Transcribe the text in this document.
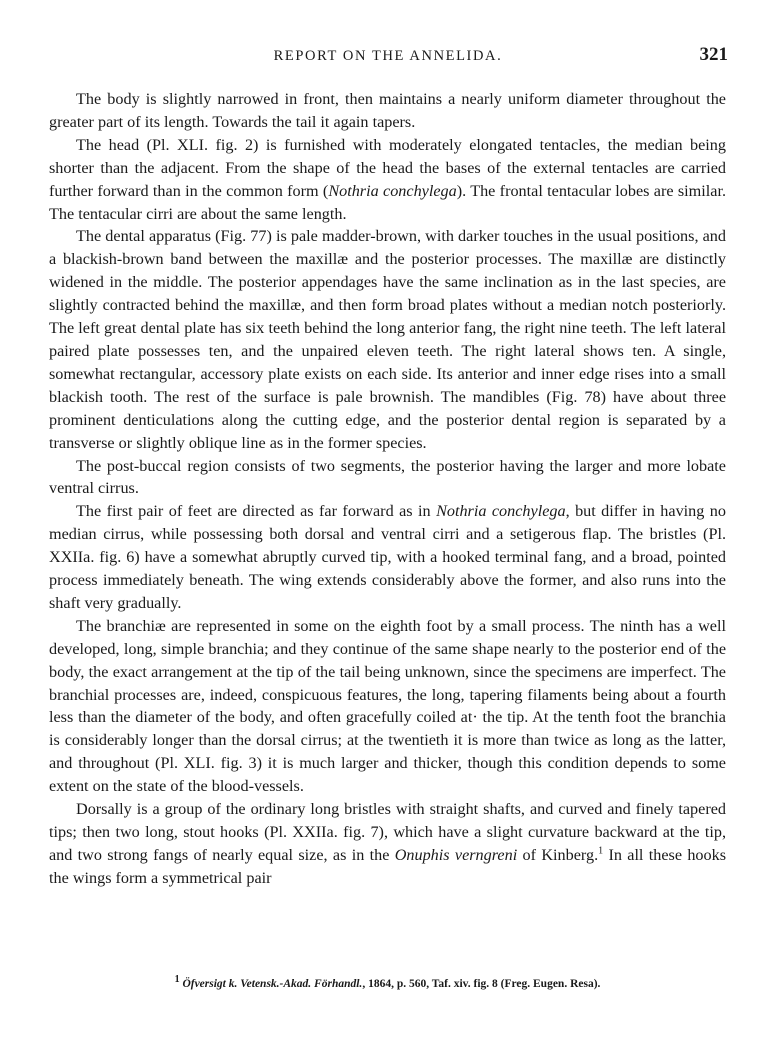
REPORT ON THE ANNELIDA.	321

The body is slightly narrowed in front, then maintains a nearly uniform diameter throughout the greater part of its length. Towards the tail it again tapers.

The head (Pl. XLI. fig. 2) is furnished with moderately elongated tentacles, the median being shorter than the adjacent. From the shape of the head the bases of the external tentacles are carried further forward than in the common form (Nothria conchylega). The frontal tentacular lobes are similar. The tentacular cirri are about the same length.

The dental apparatus (Fig. 77) is pale madder-brown, with darker touches in the usual positions, and a blackish-brown band between the maxillæ and the posterior processes. The maxillæ are distinctly widened in the middle. The posterior appendages have the same inclination as in the last species, are slightly contracted behind the maxillæ, and then form broad plates without a median notch posteriorly. The left great dental plate has six teeth behind the long anterior fang, the right nine teeth. The left lateral paired plate possesses ten, and the unpaired eleven teeth. The right lateral shows ten. A single, somewhat rectangular, accessory plate exists on each side. Its anterior and inner edge rises into a small blackish tooth. The rest of the surface is pale brownish. The mandibles (Fig. 78) have about three prominent denticulations along the cutting edge, and the posterior dental region is separated by a transverse or slightly oblique line as in the former species.

The post-buccal region consists of two segments, the posterior having the larger and more lobate ventral cirrus.

The first pair of feet are directed as far forward as in Nothria conchylega, but differ in having no median cirrus, while possessing both dorsal and ventral cirri and a setigerous flap. The bristles (Pl. XXIIa. fig. 6) have a somewhat abruptly curved tip, with a hooked terminal fang, and a broad, pointed process immediately beneath. The wing extends considerably above the former, and also runs into the shaft very gradually.

The branchiæ are represented in some on the eighth foot by a small process. The ninth has a well developed, long, simple branchia; and they continue of the same shape nearly to the posterior end of the body, the exact arrangement at the tip of the tail being unknown, since the specimens are imperfect. The branchial processes are, indeed, conspicuous features, the long, tapering filaments being about a fourth less than the diameter of the body, and often gracefully coiled at· the tip. At the tenth foot the branchia is considerably longer than the dorsal cirrus; at the twentieth it is more than twice as long as the latter, and throughout (Pl. XLI. fig. 3) it is much larger and thicker, though this condition depends to some extent on the state of the blood-vessels.

Dorsally is a group of the ordinary long bristles with straight shafts, and curved and finely tapered tips; then two long, stout hooks (Pl. XXIIa. fig. 7), which have a slight curvature backward at the tip, and two strong fangs of nearly equal size, as in the Onuphis verngreni of Kinberg.$^1$ In all these hooks the wings form a symmetrical pair

$^1$ Öfversigt k. Vetensk.-Akad. Förhandl., 1864, p. 560, Taf. xiv. fig. 8 (Freg. Eugen. Resa).
